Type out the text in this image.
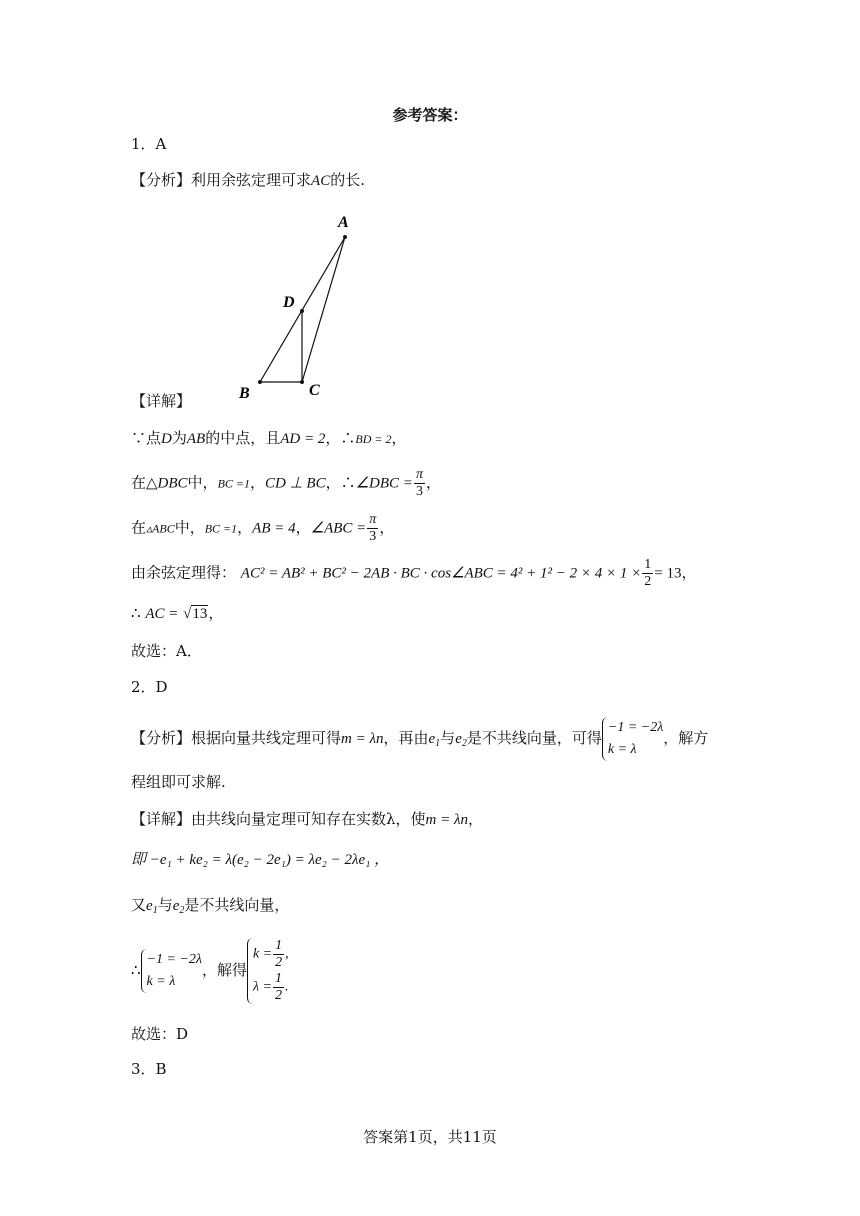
参考答案：
1．A
【分析】利用余弦定理可求AC的长.
A
D
B	C
【详解】
∵点D为AB的中点，且AD = 2，∴BD = 2，
在△DBC中，BC =1，CD ⊥ BC，∴∠DBC = $\frac{\pi}{3}$ ，
在▵ABC中，BC =1，AB = 4，∠ABC = $\frac{\pi}{3}$ ，
由余弦定理得： AC² = AB² + BC² − 2AB · BC · cos∠ABC = $4^2 + 1^2 - 2 \times 4 \times 1 \times \frac{1}{2} = 13$，
∴ AC = √13，
故选：A．
2．D
【分析】根据向量共线定理可得m = λn，再由$e_1$与$e_2$是不共线向量，可得
−1 = −2λ
k = λ
，解方
程组即可求解.
【详解】由共线向量定理可知存在实数λ，使m = λn，
即 −e₁ + ke₂ = λ(e₂ − 2e₁) = λe₂ − 2λe₁ ，
又$e_1$与$e_2$是不共线向量，
∴
−1 = −2λ
k = λ
，解得
$k = \frac{1}{2}$ ,
$\lambda = \frac{1}{2}$ .
故选：D
3．B
答案第1页，共11页
